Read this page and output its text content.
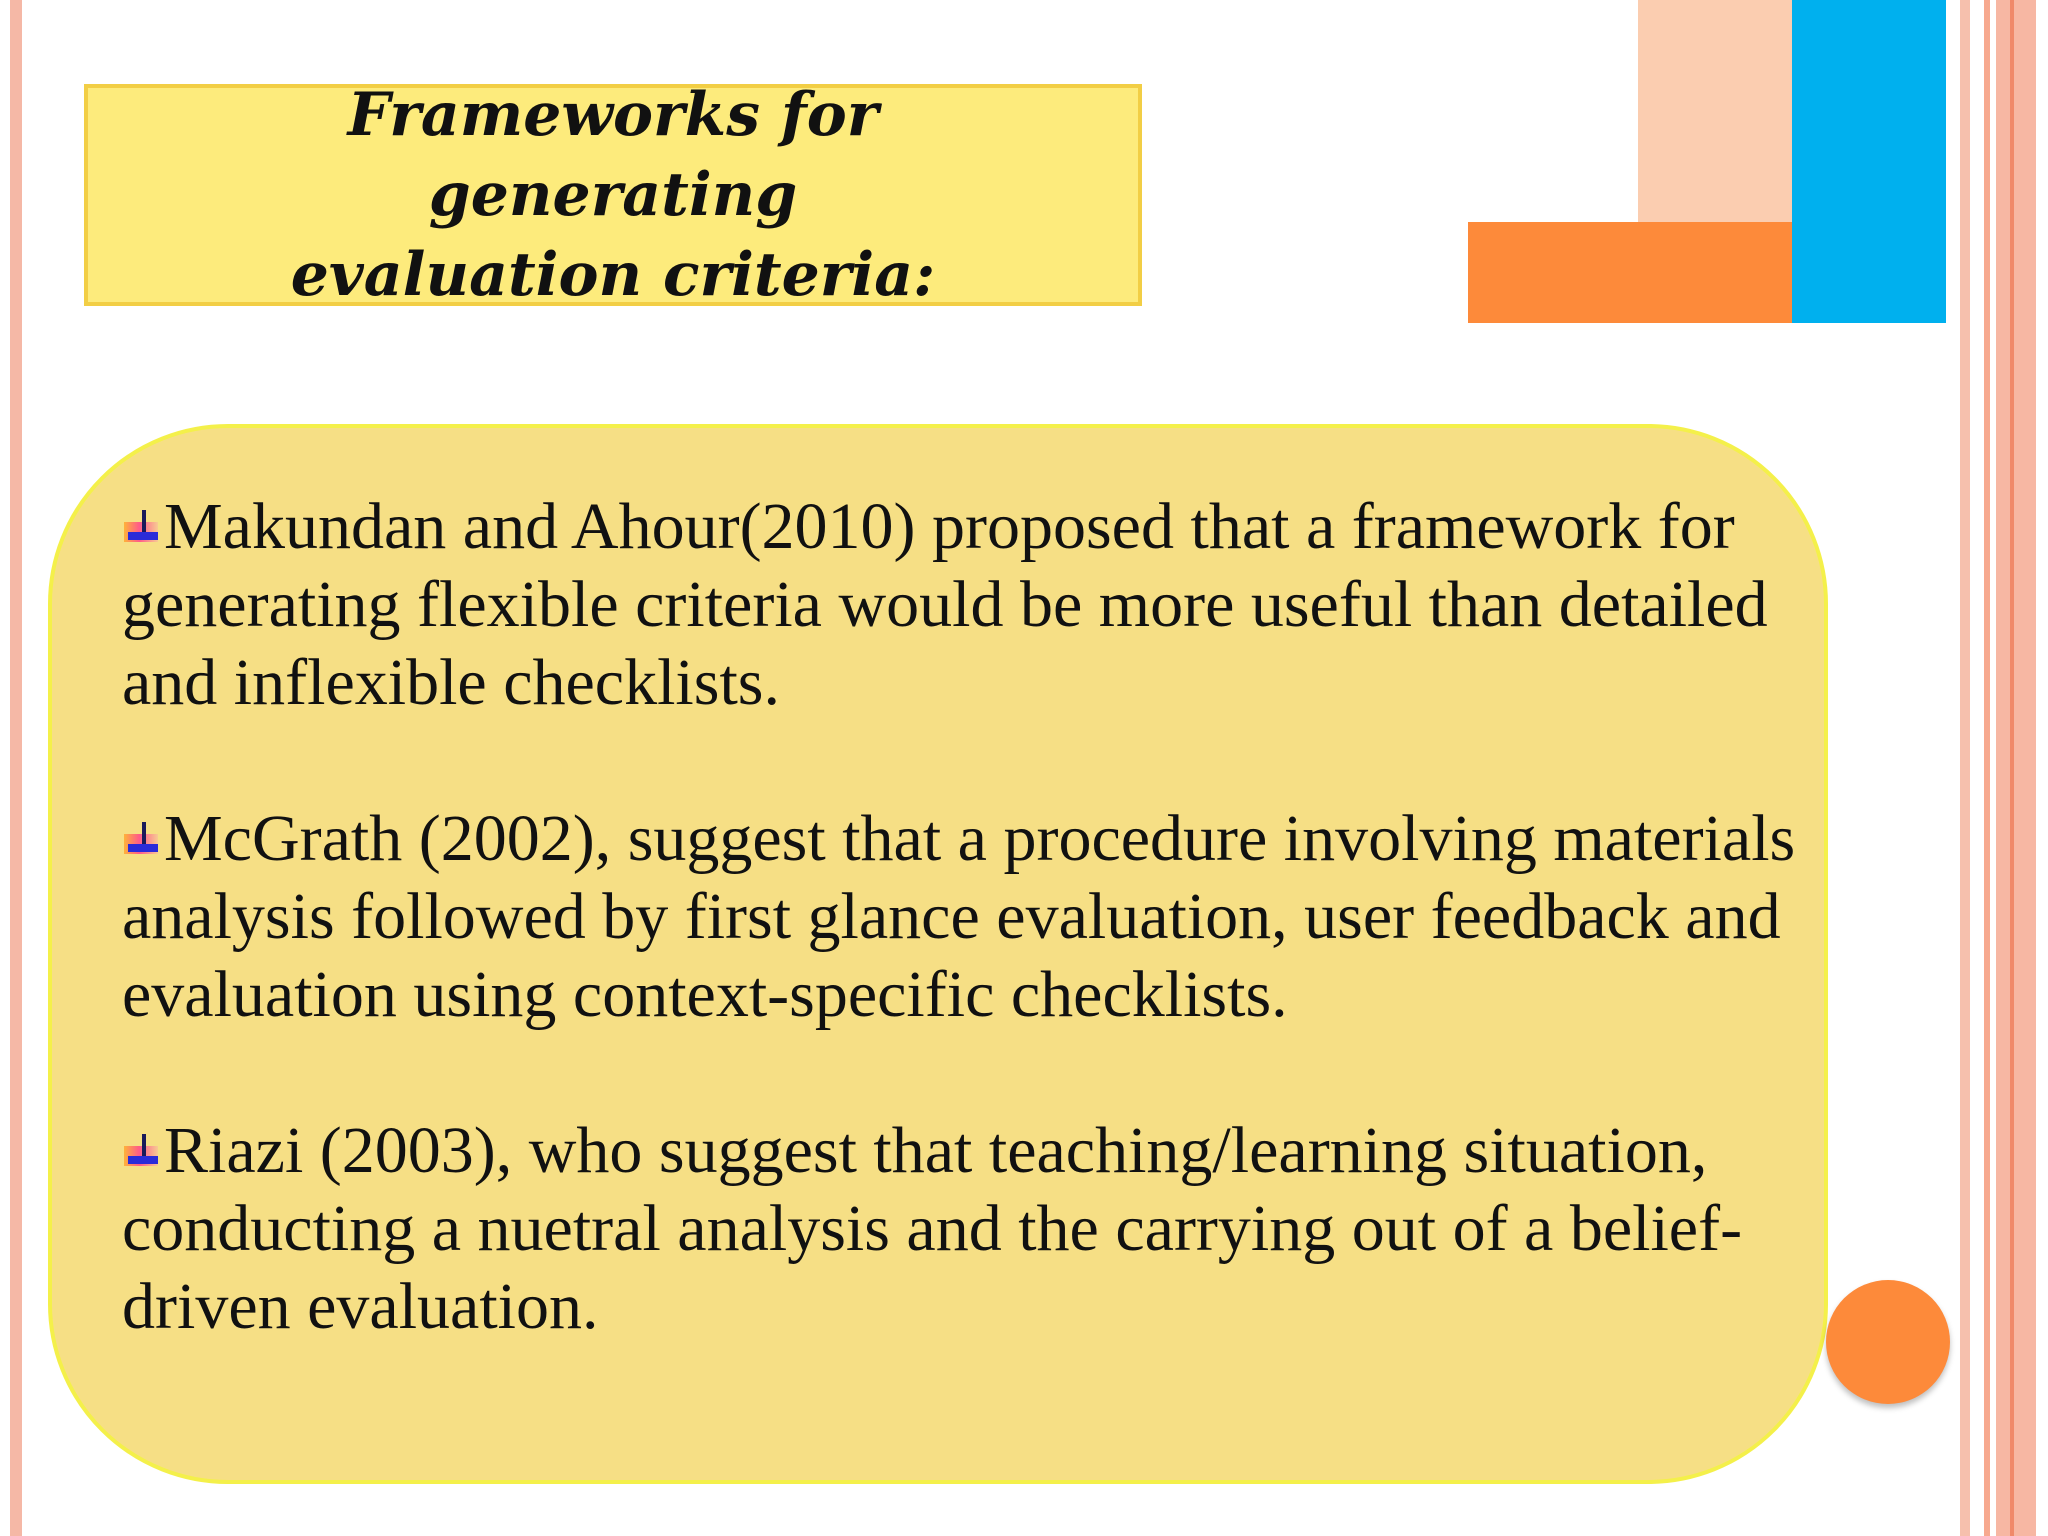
Frameworks for generating
evaluation criteria:
Makundan and Ahour(2010) proposed that a framework for generating flexible criteria would be more useful than detailed and inflexible checklists.
McGrath (2002), suggest that a procedure involving materials analysis followed by first glance evaluation, user feedback and evaluation using context-specific checklists.
Riazi (2003), who suggest that teaching/learning situation, conducting a nuetral analysis and the carrying out of a belief-driven evaluation.
